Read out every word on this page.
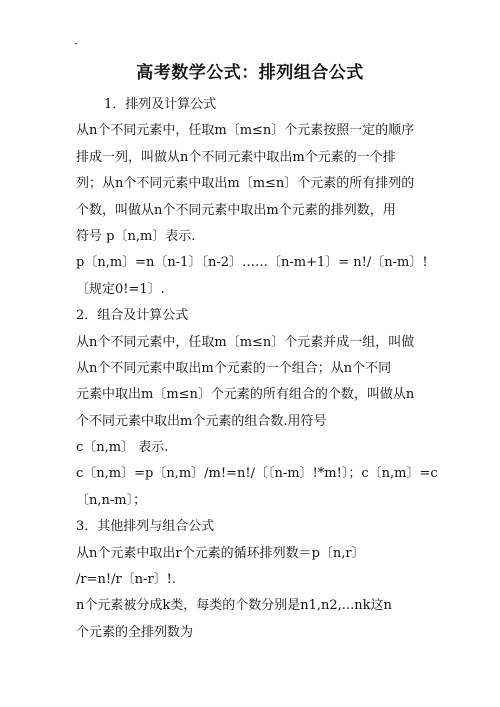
·
高考数学公式：排列组合公式
1．排列及计算公式
从n个不同元素中，任取m〔m≤n〕个元素按照一定的顺序
排成一列，叫做从n个不同元素中取出m个元素的一个排
列；从n个不同元素中取出m〔m≤n〕个元素的所有排列的
个数，叫做从n个不同元素中取出m个元素的排列数，用
符号 p〔n,m〕表示.
p〔n,m〕=n〔n-1〕〔n-2〕……〔n-m+1〕= n!/〔n-m〕!
〔规定0!=1〕.
2．组合及计算公式
从n个不同元素中，任取m〔m≤n〕个元素并成一组，叫做
从n个不同元素中取出m个元素的一个组合；从n个不同
元素中取出m〔m≤n〕个元素的所有组合的个数，叫做从n
个不同元素中取出m个元素的组合数.用符号
c〔n,m〕 表示.
c〔n,m〕=p〔n,m〕/m!=n!/〔〔n-m〕!*m!〕；c〔n,m〕=c
〔n,n-m〕；
3．其他排列与组合公式
从n个元素中取出r个元素的循环排列数＝p〔n,r〕
/r=n!/r〔n-r〕!.
n个元素被分成k类，每类的个数分别是n1,n2,...nk这n
个元素的全排列数为
